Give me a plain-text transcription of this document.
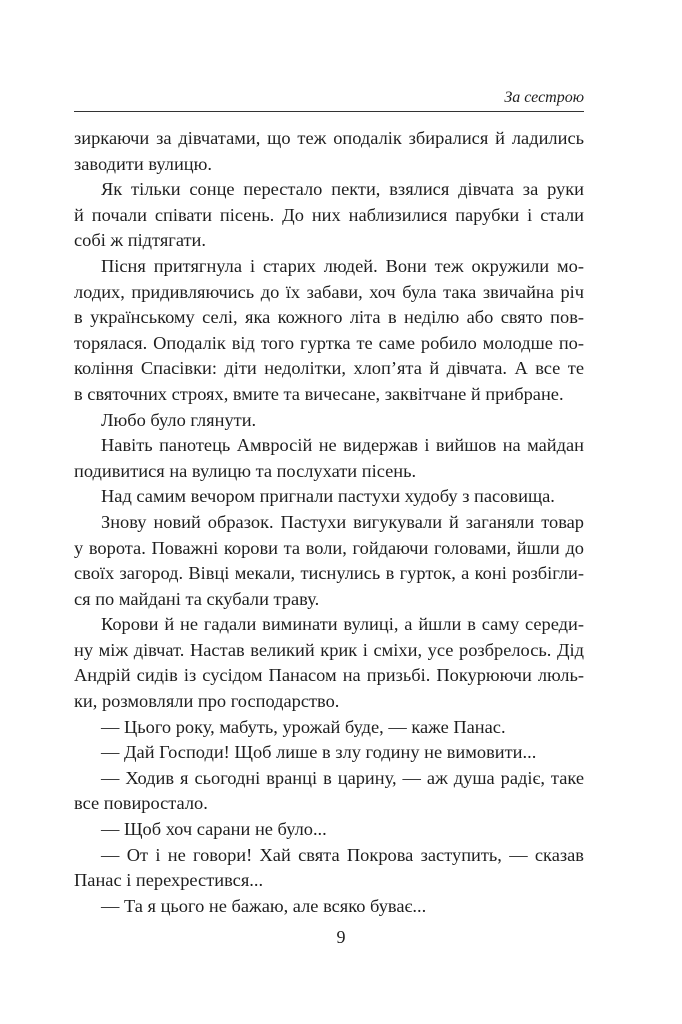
За сестрою
зиркаючи за дівчатами, що теж оподалік збиралися й ладились
заводити вулицю.
Як тільки сонце перестало пекти, взялися дівчата за руки
й почали співати пісень. До них наблизилися парубки і стали
собі ж підтягати.
Пісня притягнула і старих людей. Вони теж окружили мо-
лодих, придивляючись до їх забави, хоч була така звичайна річ
в українському селі, яка кожного літа в неділю або свято пов-
торялася. Оподалік від того гуртка те саме робило молодше по-
коління Спасівки: діти недолітки, хлоп’ята й дівчата. А все те
в святочних строях, вмите та вичесане, заквітчане й прибране.
Любо було глянути.
Навіть панотець Амвросій не видержав і вийшов на майдан
подивитися на вулицю та послухати пісень.
Над самим вечором пригнали пастухи худобу з пасовища.
Знову новий образок. Пастухи вигукували й заганяли товар
у ворота. Поважні корови та воли, гойдаючи головами, йшли до
своїх загород. Вівці мекали, тиснулись в гурток, а коні розбігли-
ся по майдані та скубали траву.
Корови й не гадали виминати вулиці, а йшли в саму середи-
ну між дівчат. Настав великий крик і сміхи, усе розбрелось. Дід
Андрій сидів із сусідом Панасом на призьбі. Покурюючи люль-
ки, розмовляли про господарство.
— Цього року, мабуть, урожай буде, — каже Панас.
— Дай Господи! Щоб лише в злу годину не вимовити...
— Ходив я сьогодні вранці в царину, — аж душа радіє, таке
все повиростало.
— Щоб хоч сарани не було...
— От і не говори! Хай свята Покрова заступить, — сказав
Панас і перехрестився...
— Та я цього не бажаю, але всяко буває...
9
